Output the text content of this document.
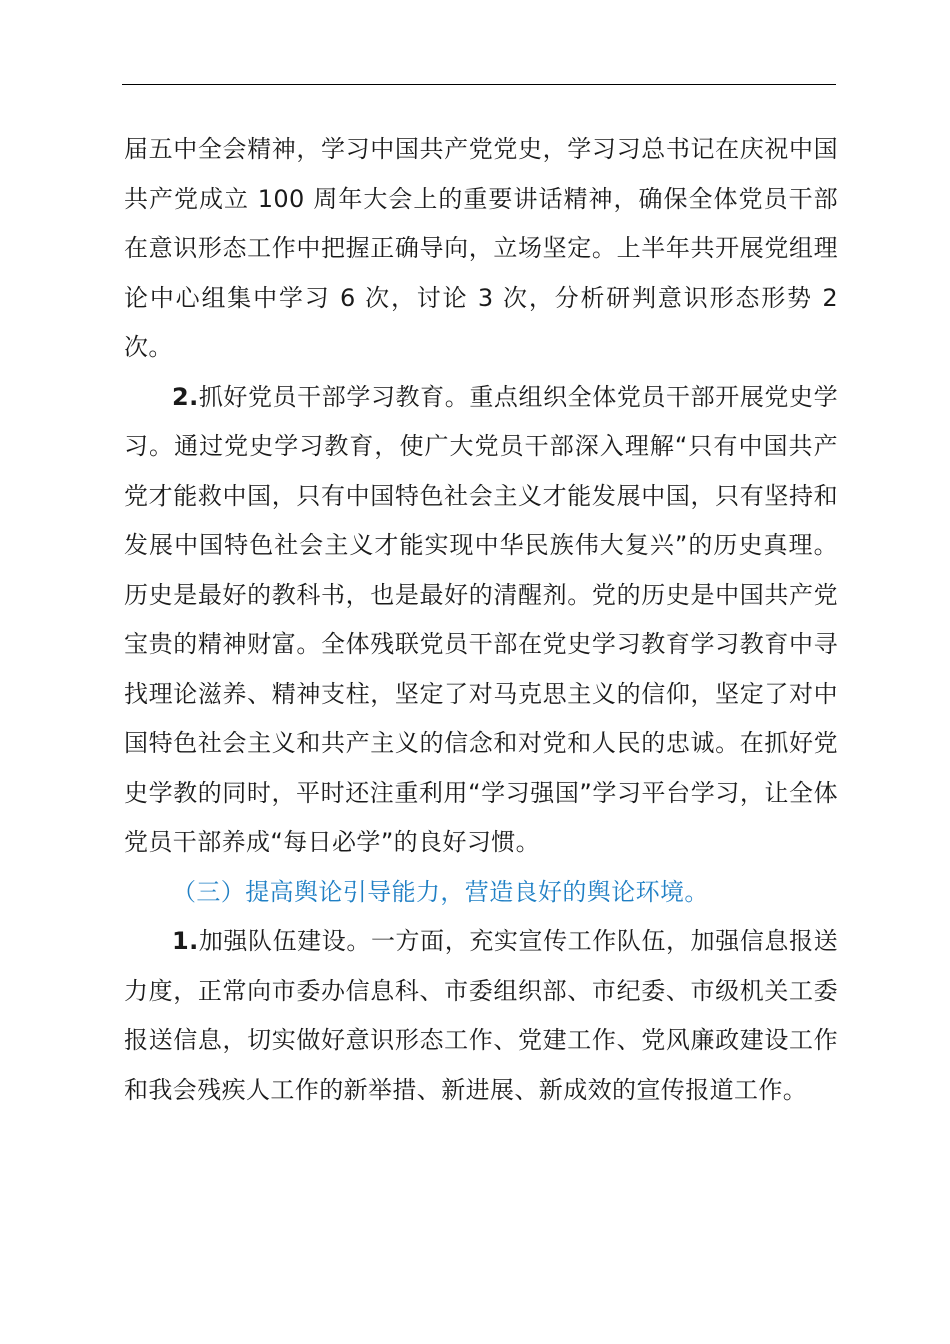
届五中全会精神，学习中国共产党党史，学习习总书记在庆祝中国共产党成立 100 周年大会上的重要讲话精神，确保全体党员干部在意识形态工作中把握正确导向，立场坚定。上半年共开展党组理论中心组集中学习 6 次，讨论 3 次，分析研判意识形态形势 2 次。

2.抓好党员干部学习教育。重点组织全体党员干部开展党史学习。通过党史学习教育，使广大党员干部深入理解“只有中国共产党才能救中国，只有中国特色社会主义才能发展中国，只有坚持和发展中国特色社会主义才能实现中华民族伟大复兴”的历史真理。历史是最好的教科书，也是最好的清醒剂。党的历史是中国共产党宝贵的精神财富。全体残联党员干部在党史学习教育学习教育中寻找理论滋养、精神支柱，坚定了对马克思主义的信仰，坚定了对中国特色社会主义和共产主义的信念和对党和人民的忠诚。在抓好党史学教的同时，平时还注重利用“学习强国”学习平台学习，让全体党员干部养成“每日必学”的良好习惯。

（三）提高舆论引导能力，营造良好的舆论环境。

1.加强队伍建设。一方面，充实宣传工作队伍，加强信息报送力度，正常向市委办信息科、市委组织部、市纪委、市级机关工委报送信息，切实做好意识形态工作、党建工作、党风廉政建设工作和我会残疾人工作的新举措、新进展、新成效的宣传报道工作。
